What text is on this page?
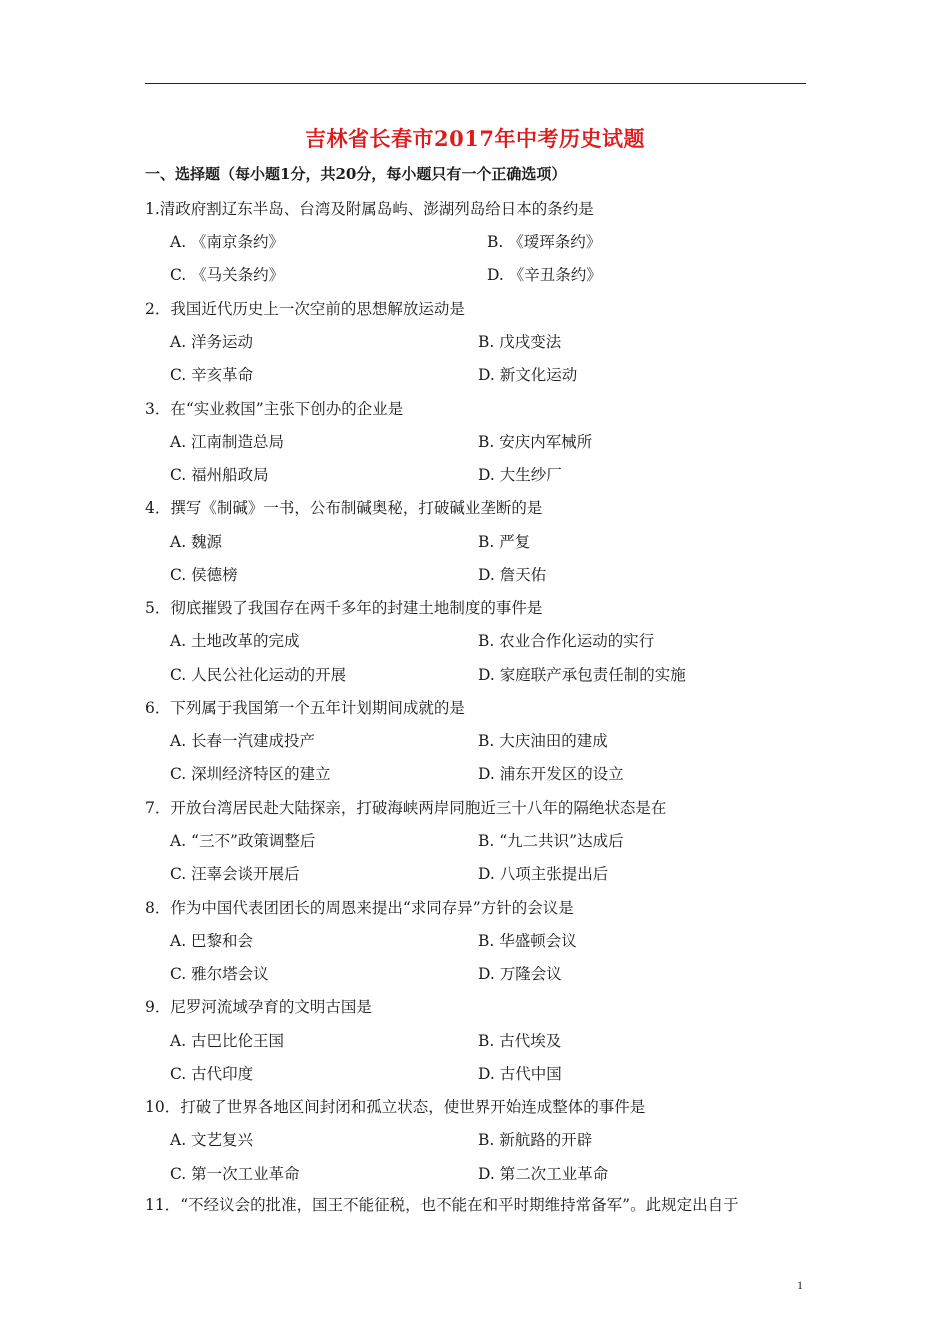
吉林省长春市2017年中考历史试题
一、选择题（每小题1分，共20分，每小题只有一个正确选项）
1.清政府割辽东半岛、台湾及附属岛屿、澎湖列岛给日本的条约是
A. 《南京条约》	B. 《瑷珲条约》
C. 《马关条约》	D. 《辛丑条约》
2．我国近代历史上一次空前的思想解放运动是
A. 洋务运动	B. 戊戌变法
C. 辛亥革命	D. 新文化运动
3．在“实业救国”主张下创办的企业是
A. 江南制造总局	B. 安庆内军械所
C. 福州船政局	D. 大生纱厂
4．撰写《制碱》一书，公布制碱奥秘，打破碱业垄断的是
A. 魏源	B. 严复
C. 侯德榜	D. 詹天佑
5．彻底摧毁了我国存在两千多年的封建土地制度的事件是
A. 土地改革的完成	B. 农业合作化运动的实行
C. 人民公社化运动的开展	D. 家庭联产承包责任制的实施
6．下列属于我国第一个五年计划期间成就的是
A. 长春一汽建成投产	B. 大庆油田的建成
C. 深圳经济特区的建立	D. 浦东开发区的设立
7．开放台湾居民赴大陆探亲，打破海峡两岸同胞近三十八年的隔绝状态是在
A. “三不”政策调整后	B. “九二共识”达成后
C. 汪辜会谈开展后	D. 八项主张提出后
8．作为中国代表团团长的周恩来提出“求同存异”方针的会议是
A. 巴黎和会	B. 华盛顿会议
C. 雅尔塔会议	D. 万隆会议
9．尼罗河流域孕育的文明古国是
A. 古巴比伦王国	B. 古代埃及
C. 古代印度	D. 古代中国
10．打破了世界各地区间封闭和孤立状态，使世界开始连成整体的事件是
A. 文艺复兴	B. 新航路的开辟
C. 第一次工业革命	D. 第二次工业革命
11．“不经议会的批准，国王不能征税，也不能在和平时期维持常备军”。此规定出自于
1
